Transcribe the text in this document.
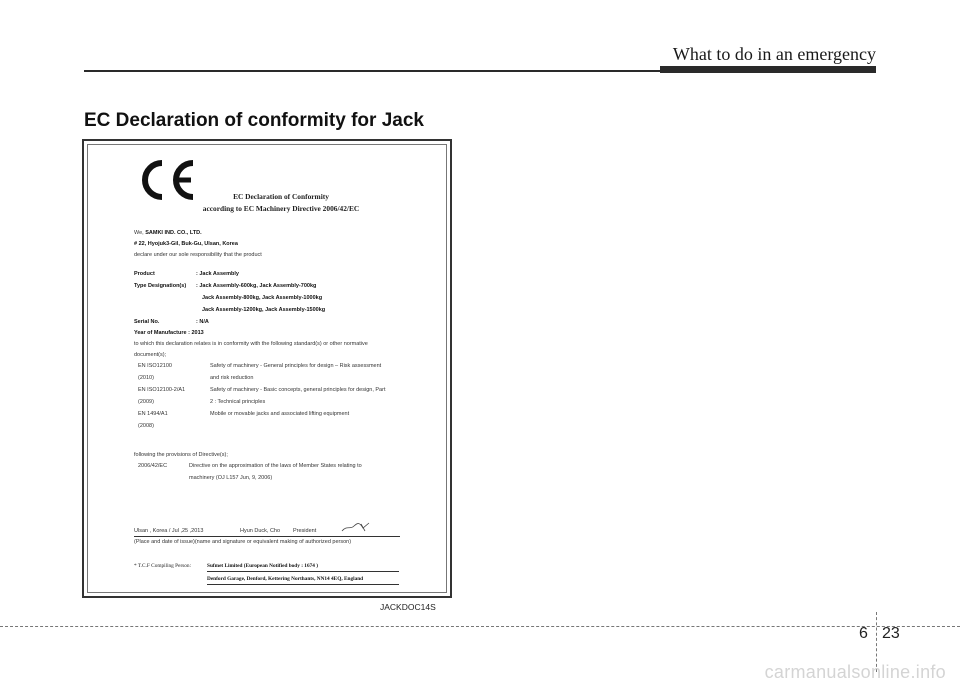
What to do in an emergency
EC Declaration of conformity for Jack
EC Declaration of Conformity
according to EC Machinery Directive 2006/42/EC
We, SAMKI IND. CO., LTD.
# 22, Hyojuk3-Gil, Buk-Gu, Ulsan, Korea
declare under our sole responsibility that the product
Product	: Jack Assembly
Type Designation(s) : Jack Assembly-600kg, Jack Assembly-700kg
Jack Assembly-800kg, Jack Assembly-1000kg
Jack Assembly-1200kg, Jack Assembly-1500kg
Serial No.	: N/A
Year of Manufacture : 2013
to which this declaration relates is in conformity with the following standard(s) or other normative
document(s);
EN ISO12100	Safety of machinery - General principles for design – Risk assessment
(2010)	and risk reduction
EN ISO12100-2/A1	Safety of machinery - Basic concepts, general principles for design, Part
(2009)	2 : Technical principles
EN 1494/A1	Mobile or movable jacks and associated lifting equipment
(2008)
following the provisions of Directive(s);
2006/42/EC	Directive on the approximation of the laws of Member States relating to
machinery (OJ L157 Jun, 9, 2006)
Ulsan , Korea / Jul ,25 ,2013	Hyun Duck, Cho President
(Place and date of issue)(name and signature or equivalent making of authorized person)
* T.C.F Compiling Person:	Sufmet Limited (European Notified body : 1674 )
Denford Garage, Denford, Kettering Northants, NN14 4EQ, England
JACKDOC14S
6 23
carmanualsonline.info
